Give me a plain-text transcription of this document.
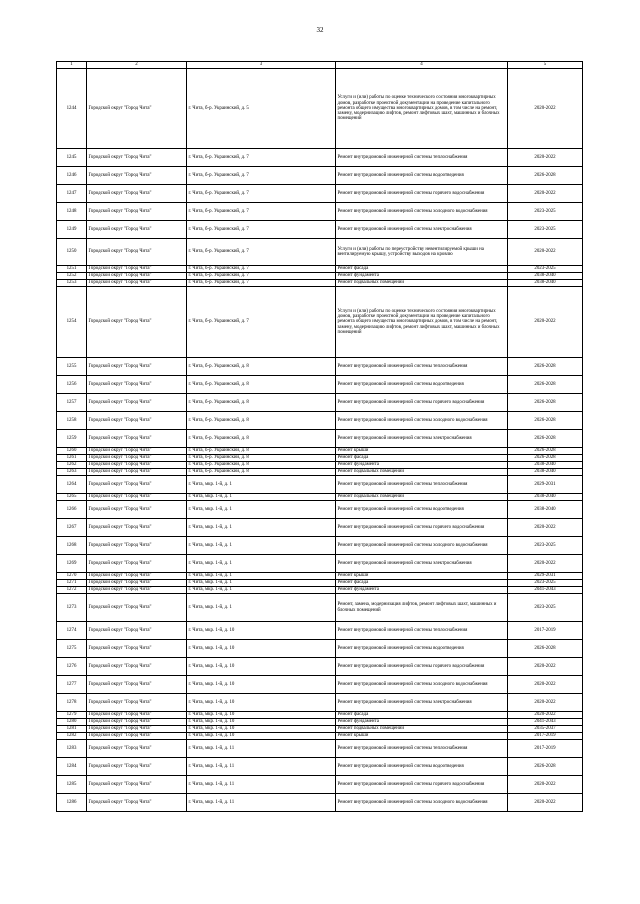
32
1	2	3	4	5
1244	Городской округ "Город Чита"	г. Чита, б-р. Украинский, д. 5	Услуги и (или) работы по оценке технического состояния многоквартирных домов, разработке проектной документации на проведение капитального ремонта общего имущества многоквартирных домов, в том числе на ремонт, замену, модернизацию лифтов, ремонт лифтовых шахт, машинных и блочных помещений	2020-2022
1245	Городской округ "Город Чита"	г. Чита, б-р. Украинский, д. 7	Ремонт внутридомовой инженерной системы теплоснабжения	2020-2022
1246	Городской округ "Город Чита"	г. Чита, б-р. Украинский, д. 7	Ремонт внутридомовой инженерной системы водоотведения	2026-2028
1247	Городской округ "Город Чита"	г. Чита, б-р. Украинский, д. 7	Ремонт внутридомовой инженерной системы горячего водоснабжения	2020-2022
1248	Городской округ "Город Чита"	г. Чита, б-р. Украинский, д. 7	Ремонт внутридомовой инженерной системы холодного водоснабжения	2023-2025
1249	Городской округ "Город Чита"	г. Чита, б-р. Украинский, д. 7	Ремонт внутридомовой инженерной системы электроснабжения	2023-2025
1250	Городской округ "Город Чита"	г. Чита, б-р. Украинский, д. 7	Услуги и (или) работы по переустройству невентилируемой крыши на вентилируемую крышу, устройству выходов на кровлю	2020-2022
1251	Городской округ "Город Чита"	г. Чита, б-р. Украинский, д. 7	Ремонт фасада	2023-2025
1252	Городской округ "Город Чита"	г. Чита, б-р. Украинский, д. 7	Ремонт фундамента	2038-2040
1253	Городской округ "Город Чита"	г. Чита, б-р. Украинский, д. 7	Ремонт подвальных помещений	2038-2040
1254	Городской округ "Город Чита"	г. Чита, б-р. Украинский, д. 7	Услуги и (или) работы по оценке технического состояния многоквартирных домов, разработке проектной документации на проведение капитального ремонта общего имущества многоквартирных домов, в том числе на ремонт, замену, модернизацию лифтов, ремонт лифтовых шахт, машинных и блочных помещений	2020-2022
1255	Городской округ "Город Чита"	г. Чита, б-р. Украинский, д. 8	Ремонт внутридомовой инженерной системы теплоснабжения	2026-2028
1256	Городской округ "Город Чита"	г. Чита, б-р. Украинский, д. 8	Ремонт внутридомовой инженерной системы водоотведения	2026-2028
1257	Городской округ "Город Чита"	г. Чита, б-р. Украинский, д. 8	Ремонт внутридомовой инженерной системы горячего водоснабжения	2026-2028
1258	Городской округ "Город Чита"	г. Чита, б-р. Украинский, д. 8	Ремонт внутридомовой инженерной системы холодного водоснабжения	2026-2028
1259	Городской округ "Город Чита"	г. Чита, б-р. Украинский, д. 8	Ремонт внутридомовой инженерной системы электроснабжения	2026-2028
1260	Городской округ "Город Чита"	г. Чита, б-р. Украинский, д. 8	Ремонт крыши	2026-2028
1261	Городской округ "Город Чита"	г. Чита, б-р. Украинский, д. 8	Ремонт фасада	2026-2028
1262	Городской округ "Город Чита"	г. Чита, б-р. Украинский, д. 8	Ремонт фундамента	2038-2040
1263	Городской округ "Город Чита"	г. Чита, б-р. Украинский, д. 8	Ремонт подвальных помещений	2038-2040
1264	Городской округ "Город Чита"	г. Чита, мкр. 1-й, д. 1	Ремонт внутридомовой инженерной системы теплоснабжения	2029-2031
1265	Городской округ "Город Чита"	г. Чита, мкр. 1-й, д. 1	Ремонт подвальных помещений	2038-2040
1266	Городской округ "Город Чита"	г. Чита, мкр. 1-й, д. 1	Ремонт внутридомовой инженерной системы водоотведения	2038-2040
1267	Городской округ "Город Чита"	г. Чита, мкр. 1-й, д. 1	Ремонт внутридомовой инженерной системы горячего водоснабжения	2020-2022
1268	Городской округ "Город Чита"	г. Чита, мкр. 1-й, д. 1	Ремонт внутридомовой инженерной системы холодного водоснабжения	2023-2025
1269	Городской округ "Город Чита"	г. Чита, мкр. 1-й, д. 1	Ремонт внутридомовой инженерной системы электроснабжения	2020-2022
1270	Городской округ "Город Чита"	г. Чита, мкр. 1-й, д. 1	Ремонт крыши	2029-2031
1271	Городской округ "Город Чита"	г. Чита, мкр. 1-й, д. 1	Ремонт фасада	2023-2025
1272	Городской округ "Город Чита"	г. Чита, мкр. 1-й, д. 1	Ремонт фундамента	2041-2043
1273	Городской округ "Город Чита"	г. Чита, мкр. 1-й, д. 1	Ремонт, замена, модернизация лифтов, ремонт лифтовых шахт, машинных и блочных помещений	2023-2025
1274	Городской округ "Город Чита"	г. Чита, мкр. 1-й, д. 10	Ремонт внутридомовой инженерной системы теплоснабжения	2017-2019
1275	Городской округ "Город Чита"	г. Чита, мкр. 1-й, д. 10	Ремонт внутридомовой инженерной системы водоотведения	2026-2028
1276	Городской округ "Город Чита"	г. Чита, мкр. 1-й, д. 10	Ремонт внутридомовой инженерной системы горячего водоснабжения	2020-2022
1277	Городской округ "Город Чита"	г. Чита, мкр. 1-й, д. 10	Ремонт внутридомовой инженерной системы холодного водоснабжения	2020-2022
1278	Городской округ "Город Чита"	г. Чита, мкр. 1-й, д. 10	Ремонт внутридомовой инженерной системы электроснабжения	2020-2022
1279	Городской округ "Город Чита"	г. Чита, мкр. 1-й, д. 10	Ремонт фасада	2020-2022
1280	Городской округ "Город Чита"	г. Чита, мкр. 1-й, д. 10	Ремонт фундамента	2041-2043
1281	Городской округ "Город Чита"	г. Чита, мкр. 1-й, д. 10	Ремонт подвальных помещений	2035-2037
1282	Городской округ "Город Чита"	г. Чита, мкр. 1-й, д. 10	Ремонт крыши	2017-2019
1283	Городской округ "Город Чита"	г. Чита, мкр. 1-й, д. 11	Ремонт внутридомовой инженерной системы теплоснабжения	2017-2019
1284	Городской округ "Город Чита"	г. Чита, мкр. 1-й, д. 11	Ремонт внутридомовой инженерной системы водоотведения	2026-2028
1285	Городской округ "Город Чита"	г. Чита, мкр. 1-й, д. 11	Ремонт внутридомовой инженерной системы горячего водоснабжения	2020-2022
1286	Городской округ "Город Чита"	г. Чита, мкр. 1-й, д. 11	Ремонт внутридомовой инженерной системы холодного водоснабжения	2020-2022
